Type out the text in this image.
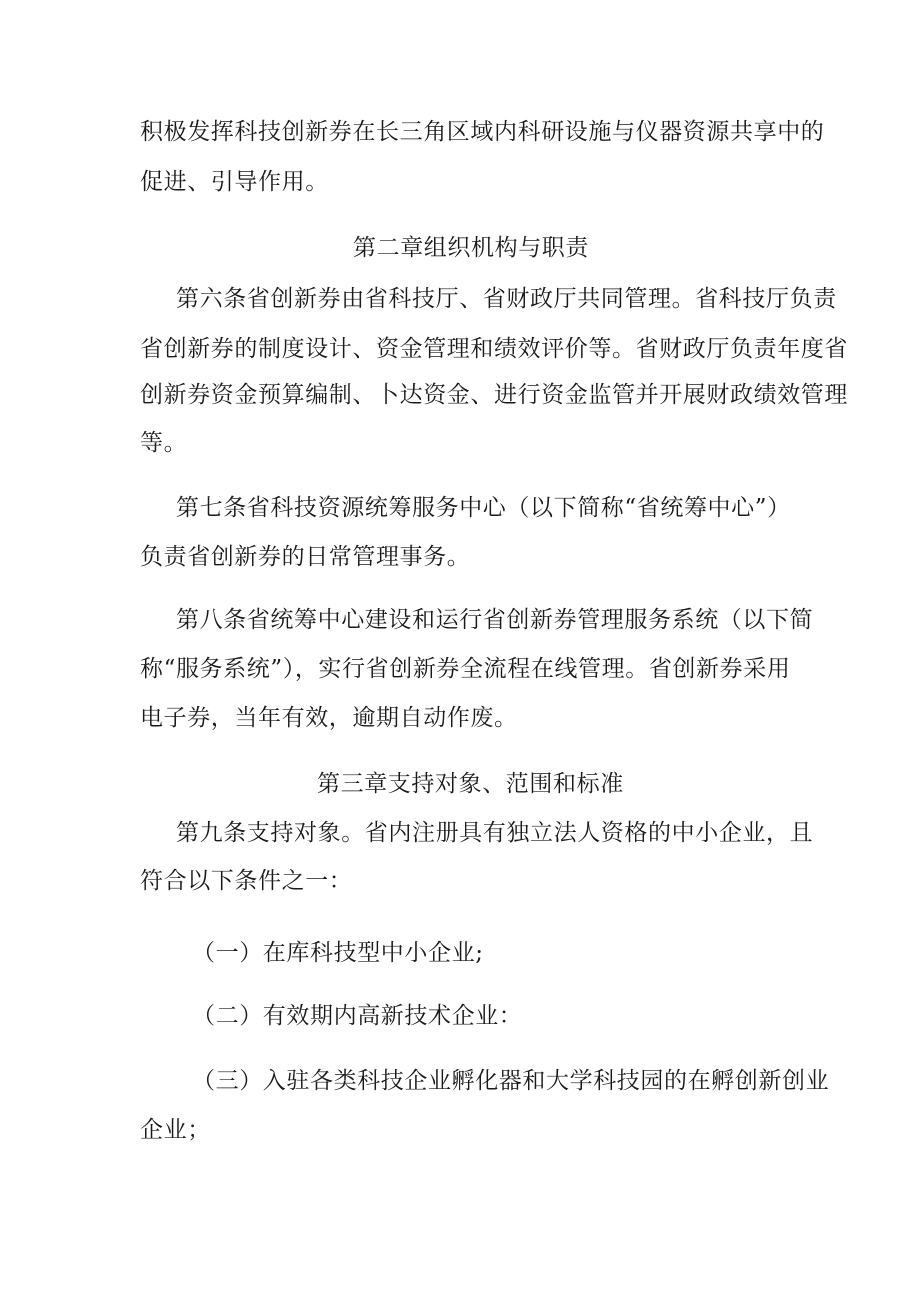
积极发挥科技创新券在长三角区域内科研设施与仪器资源共享中的
促进、引导作用。
第二章组织机构与职责
第六条省创新券由省科技厅、省财政厅共同管理。省科技厅负责
省创新券的制度设计、资金管理和绩效评价等。省财政厅负责年度省
创新券资金预算编制、卜达资金、进行资金监管并开展财政绩效管理
等。
第七条省科技资源统筹服务中心（以下简称“省统筹中心”）
负责省创新券的日常管理事务。
第八条省统筹中心建设和运行省创新券管理服务系统（以下简
称“服务系统”），实行省创新券全流程在线管理。省创新券采用
电子券，当年有效，逾期自动作废。
第三章支持对象、范围和标准
第九条支持对象。省内注册具有独立法人资格的中小企业，且
符合以下条件之一：
（一）在库科技型中小企业;
（二）有效期内高新技术企业：
（三）入驻各类科技企业孵化器和大学科技园的在孵创新创业
企业；
